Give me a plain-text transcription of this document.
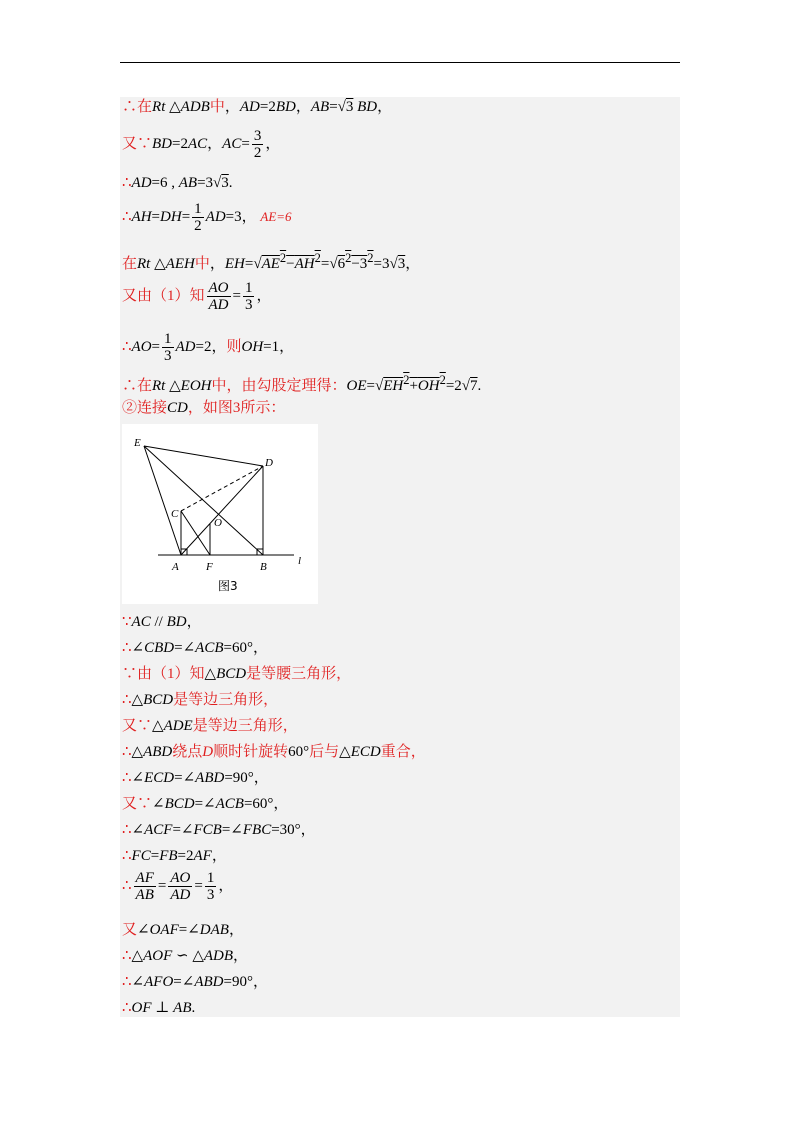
∴在Rt △ADB中，AD=2BD，AB=√3 BD，
又∵BD=2AC，$AC= \frac{3}{2}$ ，
∴AD=6 , AB=3√3.
∴AH=DH= $\frac{1}{2} AD=3$， AE=6
在Rt △AEH中，$EH=√AE^2-AH^2=√6^2-3^2=3√3$，
又由（1）知 $\frac{AO}{AD} = \frac{1}{3}$ ，
∴AO= $\frac{1}{3} AD=2$，则OH=1，
∴在Rt △EOH中，由勾股定理得：$OE=√EH^2+OH^2=2√7$.
②连接CD，如图3所示：
E
D
C
O
A F	B	l
图3
∵AC // BD，
∴∠CBD=∠ACB=60°，
∵由（1）知△BCD是等腰三角形，
∴△BCD是等边三角形，
又∵△ADE是等边三角形，
∴△ABD绕点D顺时针旋转60°后与△ECD重合，
∴∠ECD=∠ABD=90°，
又∵∠BCD=∠ACB=60°，
∴∠ACF=∠FCB=∠FBC=30°，
∴FC=FB=2AF，
∴ $\frac{AF}{AB} = \frac{AO}{AD} = \frac{1}{3}$ ，
又∠OAF=∠DAB，
∴△AOF ∽ △ADB，
∴∠AFO=∠ABD=90°，
∴OF ⊥ AB.
